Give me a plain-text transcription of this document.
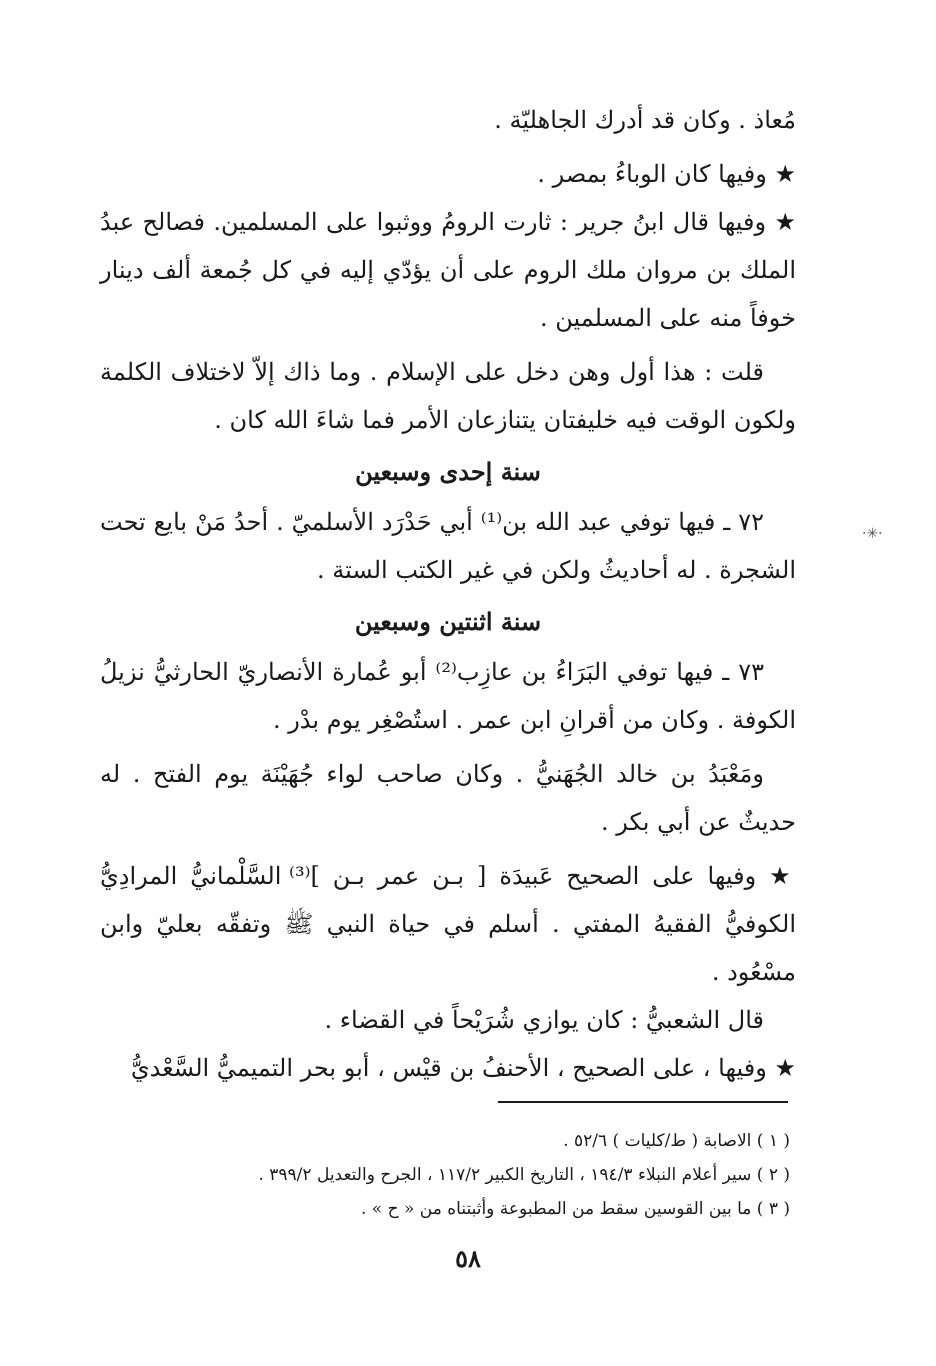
مُعاذ . وكان قد أدرك الجاهليّة .

★ وفيها كان الوباءُ بمصر .

★ وفيها قال ابنُ جرير : ثارت الرومُ ووثبوا على المسلمين. فصالح عبدُ الملك بن مروان ملك الروم على أن يؤدّي إليه في كل جُمعة ألف دينار خوفاً منه على المسلمين .

قلت : هذا أول وهن دخل على الإسلام . وما ذاك إلاّ لاختلاف الكلمة ولكون الوقت فيه خليفتان يتنازعان الأمر فما شاءَ الله كان .

سنة إحدى وسبعين

٧٢ ـ فيها توفي عبد الله بن⁽¹⁾ أبي حَدْرَد الأسلميّ . أحدُ مَنْ بايع تحت الشجرة . له أحاديثُ ولكن في غير الكتب الستة .

سنة اثنتين وسبعين

٧٣ ـ فيها توفي البَرَاءُ بن عازِب⁽²⁾ أبو عُمارة الأنصاريّ الحارثيُّ نزيلُ الكوفة . وكان من أقرانِ ابن عمر . استُصْغِر يوم بدْر .

ومَعْبَدُ بن خالد الجُهَنيُّ . وكان صاحب لواء جُهَيْنَة يوم الفتح . له حديثٌ عن أبي بكر .

★ وفيها على الصحيح عَبيدَة [ بـن عمر بـن ]⁽³⁾ السَّلْمانيُّ المرادِيُّ الكوفيُّ الفقيهُ المفتي . أسلم في حياة النبي ﷺ وتفقّه بعليّ وابن مسْعُود .

قال الشعبيُّ : كان يوازي شُرَيْحاً في القضاء .

★ وفيها ، على الصحيح ، الأحنفُ بن قيْس ، أبو بحر التميميُّ السَّعْديُّ

·✳·

( ١ ) الاصابة ( ط/كليات ) ٥٢/٦ .

( ٢ ) سير أعلام النبلاء ١٩٤/٣ ، التاريخ الكبير ١١٧/٢ ، الجرح والتعديل ٣٩٩/٢ .

( ٣ ) ما بين القوسين سقط من المطبوعة وأثبتناه من « ح » .

٥٨
